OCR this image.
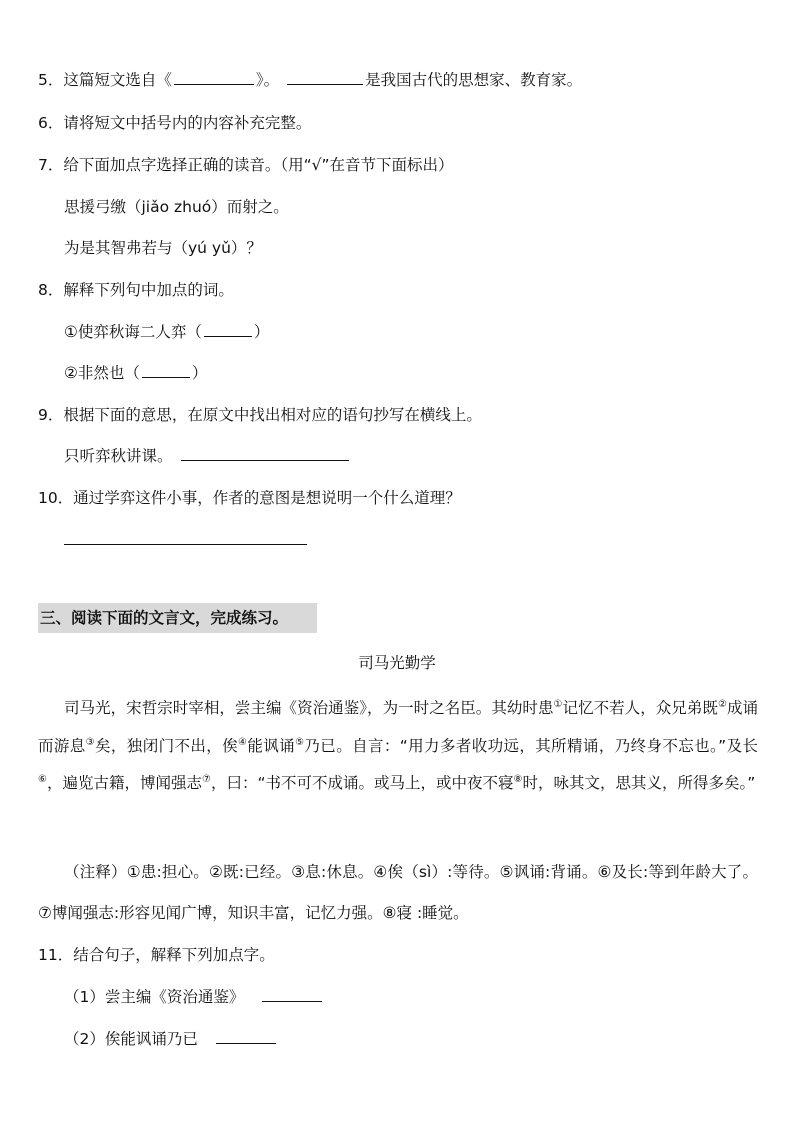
5．这篇短文选自《	》。	是我国古代的思想家、教育家。
6．请将短文中括号内的内容补充完整。
7．给下面加点字选择正确的读音。（用“√”在音节下面标出）
思援弓缴（jiǎo zhuó）而射之。
为是其智弗若与（yú yǔ）？
8．解释下列句中加点的词。
①使弈秋诲二人弈（	）
②非然也（	）
9．根据下面的意思，在原文中找出相对应的语句抄写在横线上。
只听弈秋讲课。
10．通过学弈这件小事，作者的意图是想说明一个什么道理？
三、阅读下面的文言文，完成练习。
司马光勤学
司马光，宋哲宗时宰相，尝主编《资治通鉴》，为一时之名臣。其幼时患①记忆不若人，众兄弟既②成诵而游息③矣，独闭门不出，俟④能讽诵⑤乃已。自言：“用力多者收功远，其所精诵，乃终身不忘也。”及长⑥，遍览古籍，博闻强志⑦，曰：“书不可不成诵。或马上，或中夜不寝⑧时，咏其文，思其义，所得多矣。”
（注释）①患:担心。②既:已经。③息:休息。④俟（sì）:等待。⑤讽诵:背诵。⑥及长:等到年龄大了。⑦博闻强志:形容见闻广博，知识丰富，记忆力强。⑧寝 :睡觉。
11．结合句子，解释下列加点字。
（1）尝主编《资治通鉴》
（2）俟能讽诵乃已
